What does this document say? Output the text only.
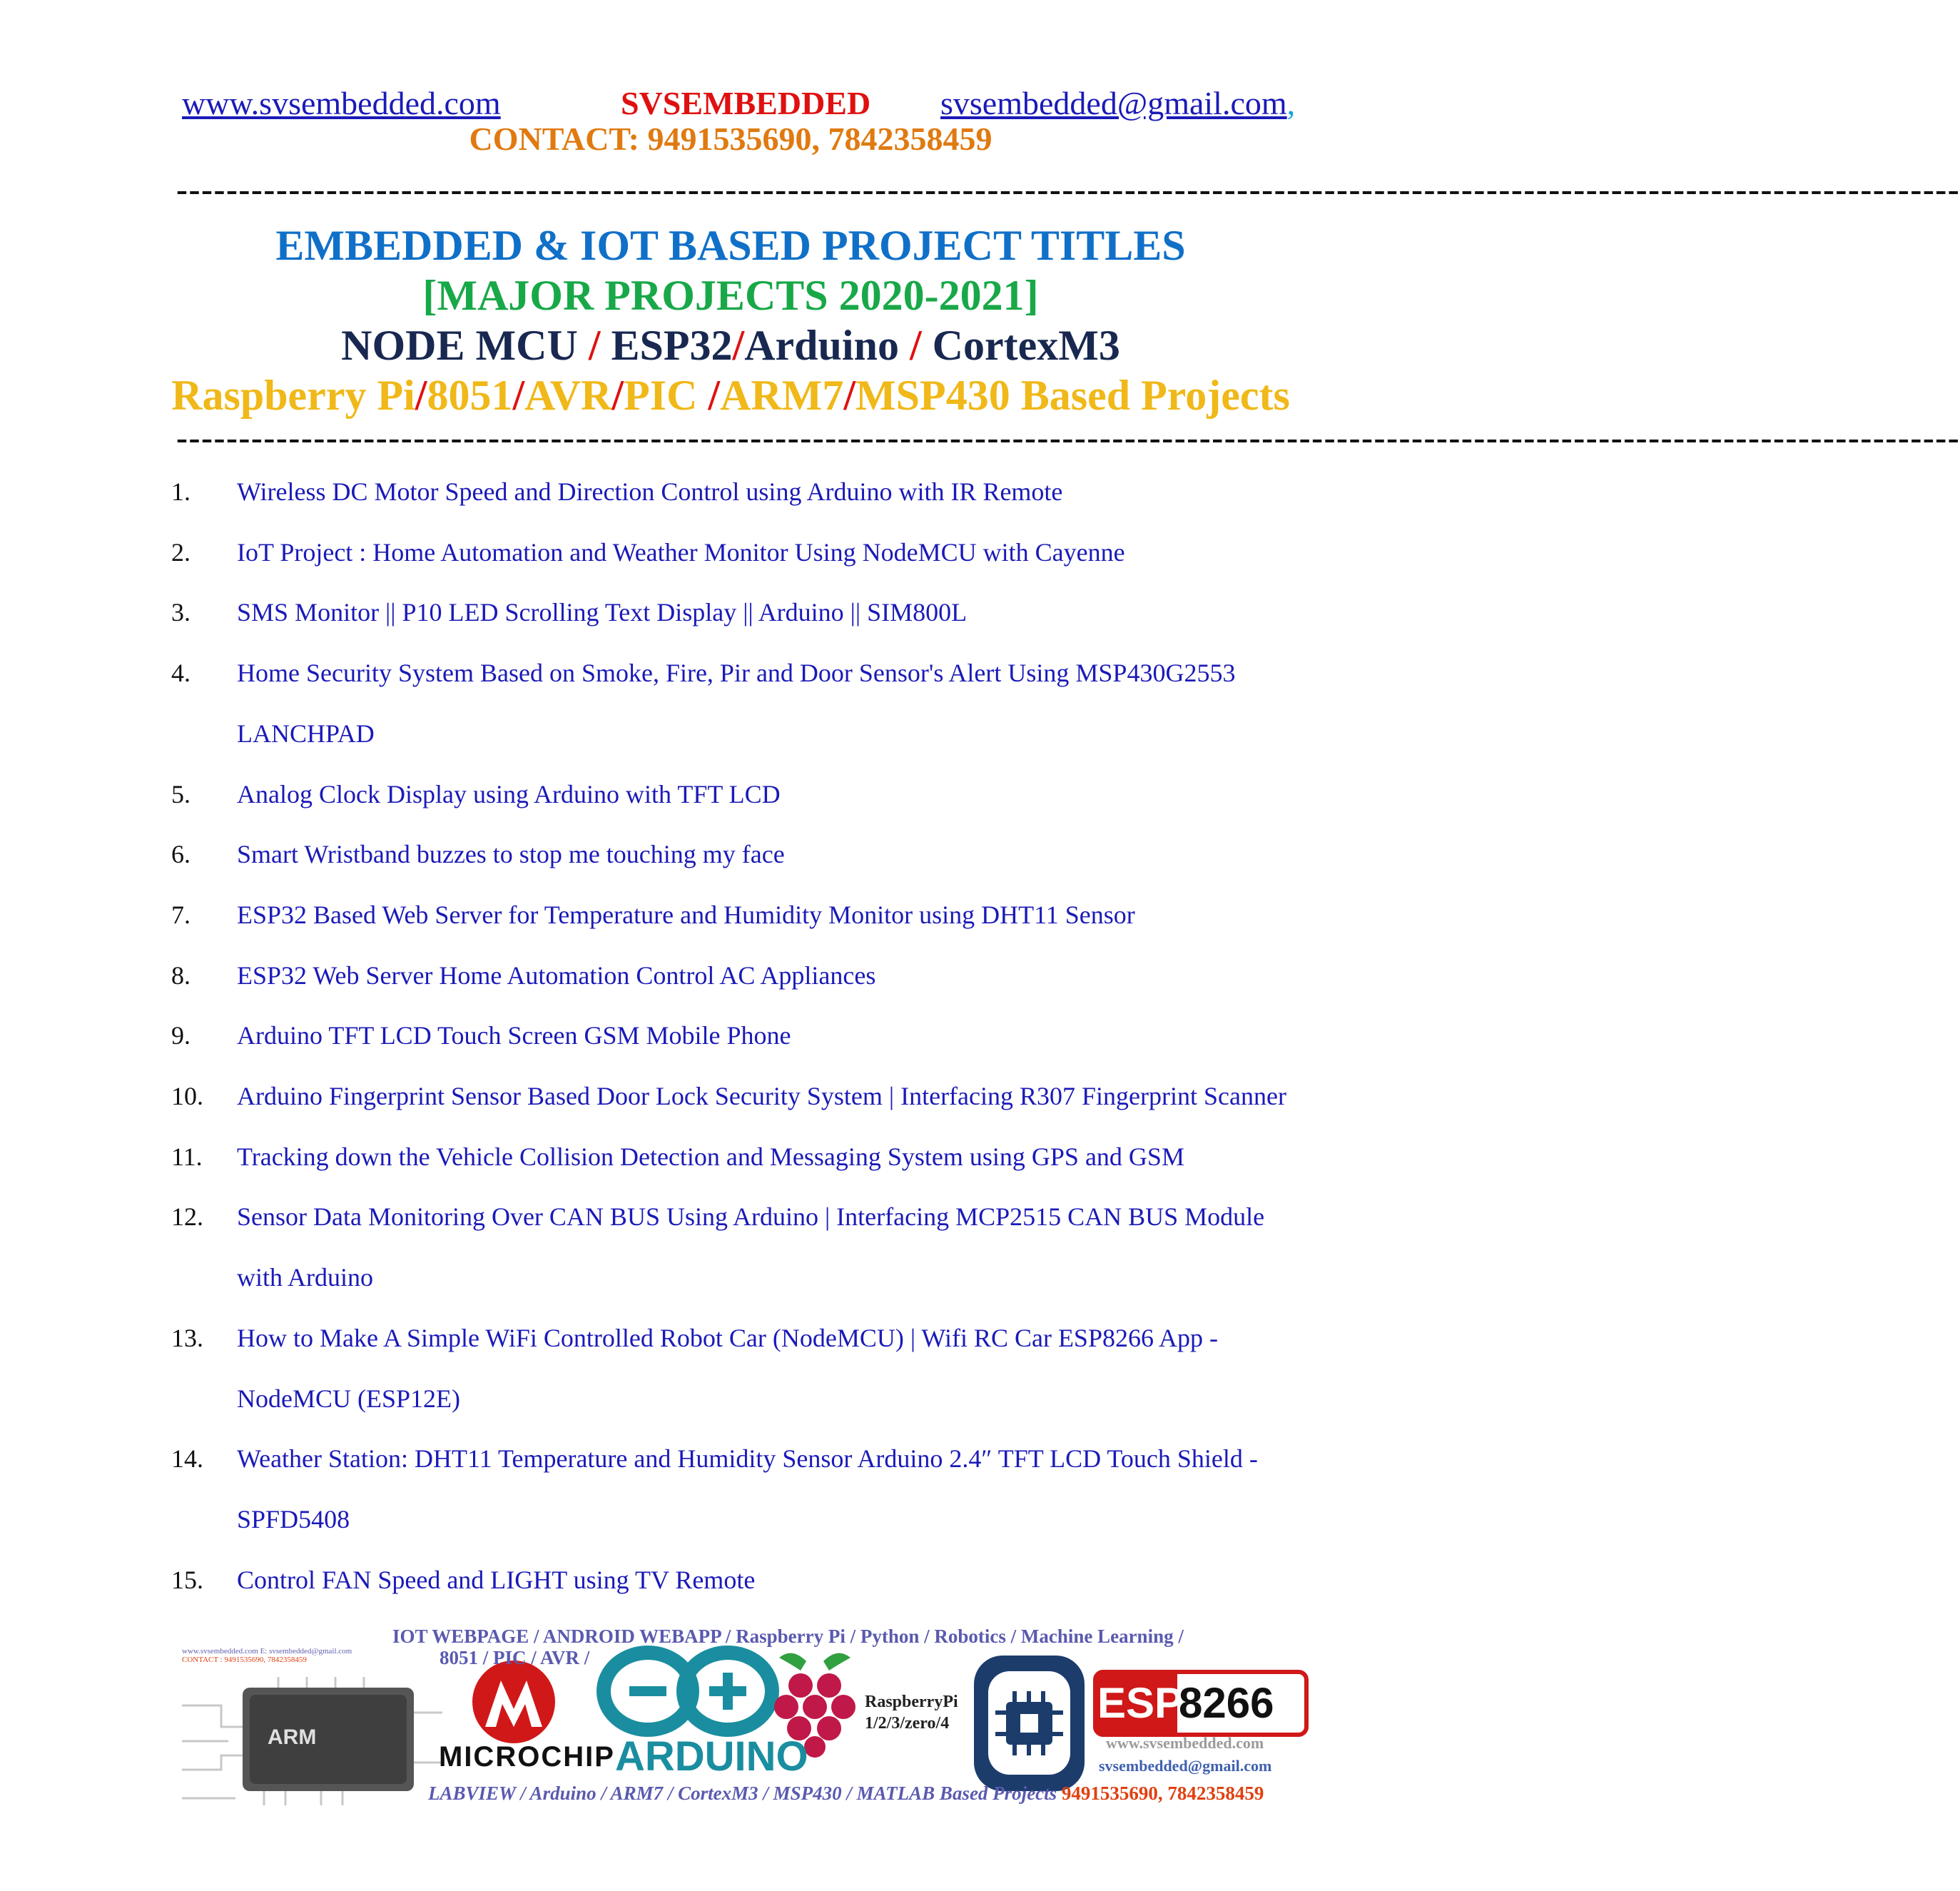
www.svsembedded.com	SVSEMBEDDED svsembedded@gmail.com,
CONTACT: 9491535690, 7842358459
-----------------------------------------------------------------------------------------------------------------------------------------------
EMBEDDED & IOT BASED PROJECT TITLES
[MAJOR PROJECTS 2020-2021]
NODE MCU / ESP32/Arduino / CortexM3
Raspberry Pi/8051/AVR/PIC /ARM7/MSP430 Based Projects
-----------------------------------------------------------------------------------------------------------------------------------------------
1. Wireless DC Motor Speed and Direction Control using Arduino with IR Remote
2. IoT Project : Home Automation and Weather Monitor Using NodeMCU with Cayenne
3. SMS Monitor || P10 LED Scrolling Text Display || Arduino || SIM800L
4. Home Security System Based on Smoke, Fire, Pir and Door Sensor's Alert Using MSP430G2553
LANCHPAD
5. Analog Clock Display using Arduino with TFT LCD
6. Smart Wristband buzzes to stop me touching my face
7. ESP32 Based Web Server for Temperature and Humidity Monitor using DHT11 Sensor
8. ESP32 Web Server Home Automation Control AC Appliances
9. Arduino TFT LCD Touch Screen GSM Mobile Phone
10. Arduino Fingerprint Sensor Based Door Lock Security System | Interfacing R307 Fingerprint Scanner
11. Tracking down the Vehicle Collision Detection and Messaging System using GPS and GSM
12. Sensor Data Monitoring Over CAN BUS Using Arduino | Interfacing MCP2515 CAN BUS Module
with Arduino
13. How to Make A Simple WiFi Controlled Robot Car (NodeMCU) | Wifi RC Car ESP8266 App -
NodeMCU (ESP12E)
14. Weather Station: DHT11 Temperature and Humidity Sensor Arduino 2.4″ TFT LCD Touch Shield -
SPFD5408
15. Control FAN Speed and LIGHT using TV Remote
www.svsembedded.com E: svsembedded@gmail.com
CONTACT : 9491535690, 7842358459
IOT WEBPAGE / ANDROID WEBAPP / Raspberry Pi / Python / Robotics / Machine Learning /
8051 / PIC / AVR /
ARM
MICROCHIP ARDUINO
RaspberryPi
1/2/3/zero/4	ESP
8266
www.svsembedded.com
svsembedded@gmail.com
LABVIEW / Arduino / ARM7 / CortexM3 / MSP430 / MATLAB Based Projects 9491535690, 7842358459
